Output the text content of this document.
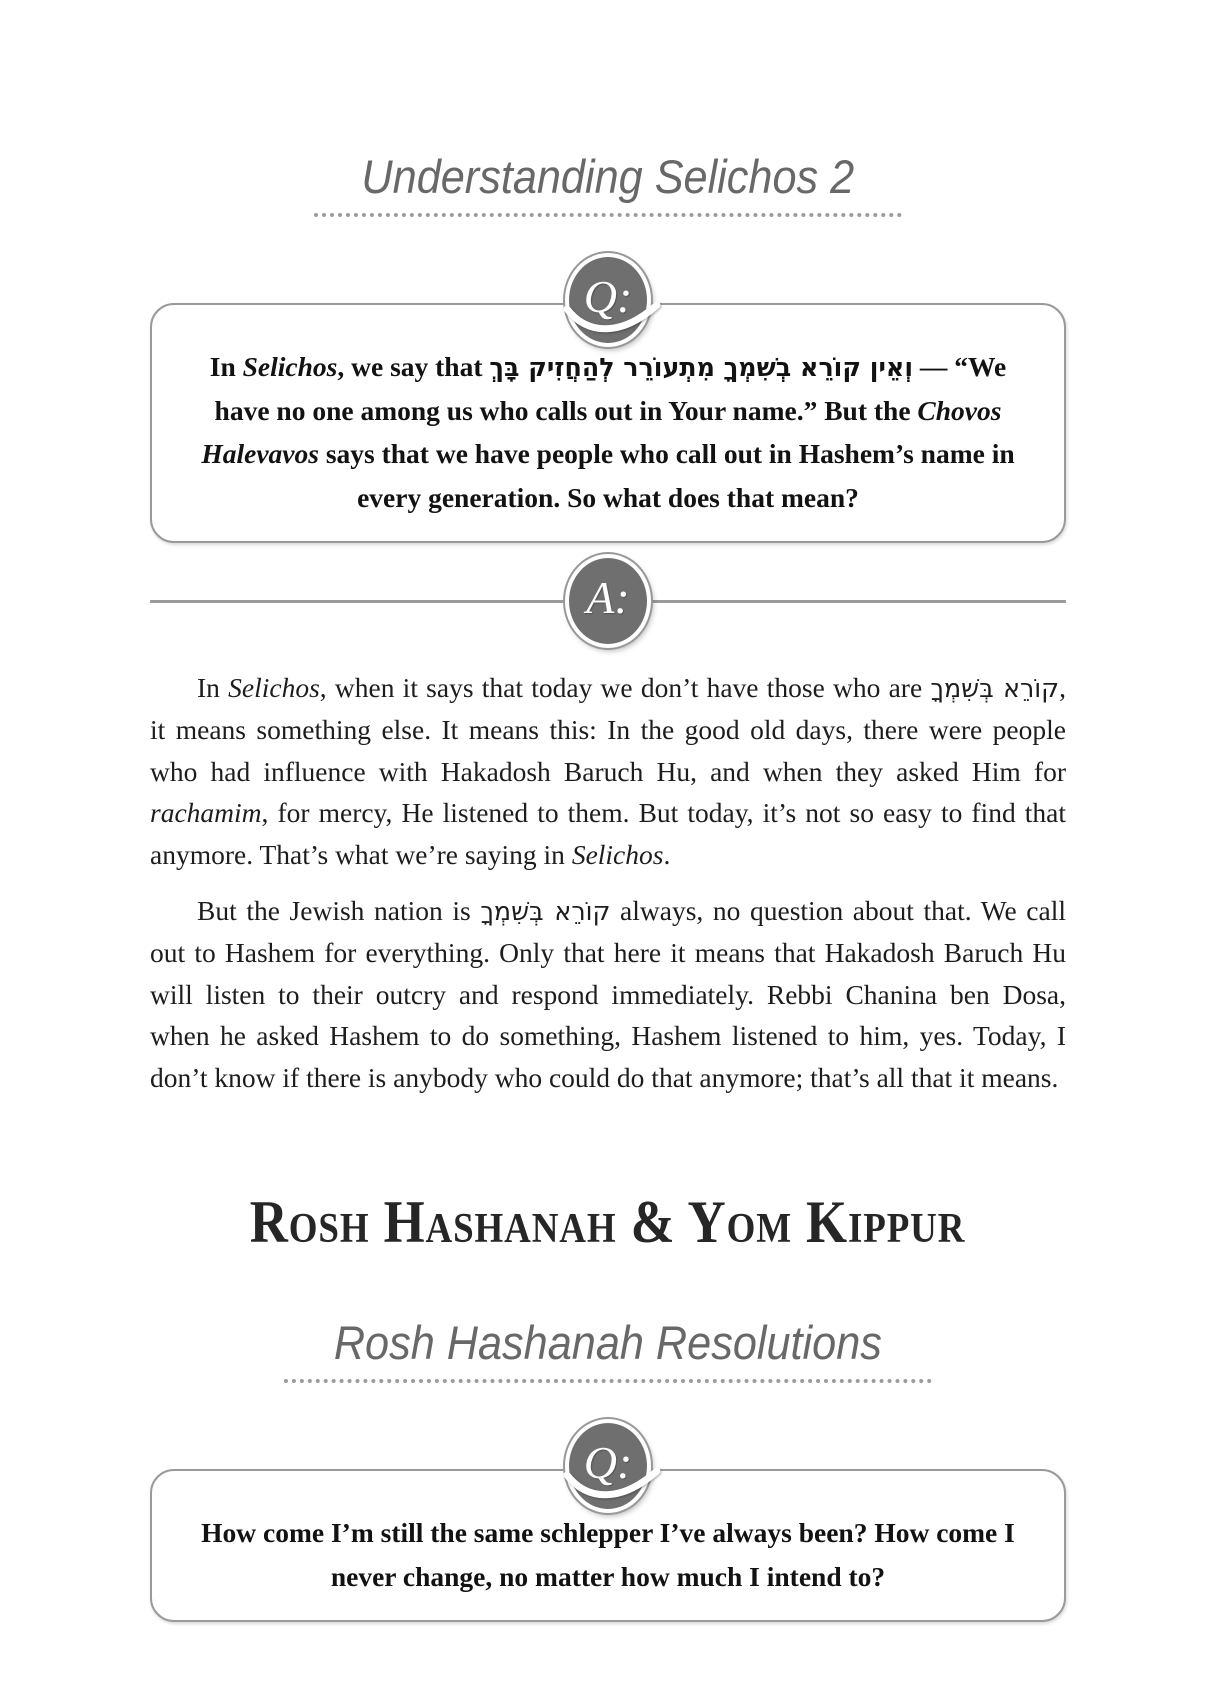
Understanding Selichos 2
Q:

In Selichos, we say that וְאֵין קוֹרֵא בְשִׁמְךָ מִתְעוֹרֵר לְהַחֲזִיק בָּךְ — “We have no one among us who calls out in Your name.” But the Chovos Halevavos says that we have people who call out in Hashem’s name in every generation. So what does that mean?

A:

In Selichos, when it says that today we don’t have those who are קוֹרֵא בְּשִׁמְךָ, it means something else. It means this: In the good old days, there were people who had influence with Hakadosh Baruch Hu, and when they asked Him for rachamim, for mercy, He listened to them. But today, it’s not so easy to find that anymore. That’s what we’re saying in Selichos.

But the Jewish nation is קוֹרֵא בְּשִׁמְךָ always, no question about that. We call out to Hashem for everything. Only that here it means that Hakadosh Baruch Hu will listen to their outcry and respond immediately. Rebbi Chanina ben Dosa, when he asked Hashem to do something, Hashem listened to him, yes. Today, I don’t know if there is anybody who could do that anymore; that’s all that it means.

Rosh Hashanah & Yom Kippur
Rosh Hashanah Resolutions
Q:

How come I’m still the same schlepper I’ve always been? How come I never change, no matter how much I intend to?
